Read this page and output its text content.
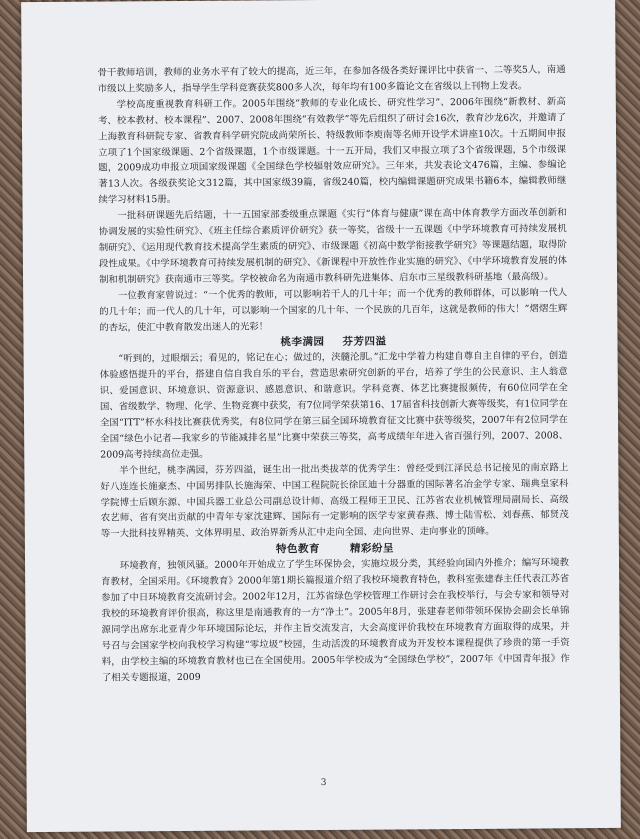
骨干教师培训，教师的业务水平有了较大的提高，近三年，在参加各级各类好课评比中获省一、二等奖5人，南通市级以上奖励多人，指导学生学科竞赛获奖800多人次，每年均有100多篇论文在省级以上刊物上发表。

学校高度重视教育科研工作。2005年围绕“教师的专业化成长、研究性学习”、2006年围绕“新教材、新高考、校本教材、校本课程”、2007、2008年围绕“有效教学”等先后组织了研讨会16次，教育沙龙6次，并邀请了上海教育科研院专家、省教育科学研究院成尚荣所长、特级教师李庾南等名师开设学术讲座10次。十五期间申报立项了1个国家级课题、2个省级课题，1个市级课题。十一五开局，我们又申报立项了3个省级课题，5个市级课题，2009成功申报立项国家级课题《全国绿色学校辐射效应研究》。三年来，共发表论文476篇，主编、参编论著13人次。各级获奖论文312篇，其中国家级39篇，省级240篇，校内编辑课题研究成果书籍6本，编辑教师继续学习材料15册。

一批科研课题先后结题，十一五国家部委级重点课题《实行“体育与健康”课在高中体育教学方面改革创新和协调发展的实验性研究》、《班主任综合素质评价研究》获一等奖，省级十一五课题《中学环境教育可持续发展机制研究》、《运用现代教育技术提高学生素质的研究》、市级课题《初高中数学衔接教学研究》等课题结题，取得阶段性成果。《中学环境教育可持续发展机制的研究》、《新课程中开放性作业实施的研究》、《中学环境教育发展的体制和机制研究》获南通市三等奖。学校被命名为南通市教科研先进集体、启东市三星级教科研基地（最高级）。

一位教育家曾说过：“一个优秀的教师，可以影响若干人的几十年；而一个优秀的教师群体，可以影响一代人的几十年；而一代人的几十年，可以影响一个国家的几十年、一个民族的几百年，这就是教师的伟大！”熠熠生辉的杏坛，使汇中教育散发出迷人的光彩！

桃李满园 芬芳四溢

“听到的，过眼烟云；看见的，铭记在心；做过的，浃髓沦肌。”汇龙中学着力构建自尊自主自律的平台，创造体验感悟提升的平台，搭建自信自我自乐的平台，营造思索研究创新的平台，培养了学生的公民意识、主人翁意识、爱国意识、环境意识、资源意识、感恩意识、和谐意识。学科竞赛、体艺比赛捷报频传，有60位同学在全国、省级数学、物理、化学、生物竞赛中获奖，有7位同学荣获第16、17届省科技创新大赛等级奖，有1位同学在全国“ITT”杯水科技比赛获优秀奖，有8位同学在第三届全国环境教育征文比赛中获等级奖，2007年有2位同学在全国“绿色小记者—我家乡的节能减排名星”比赛中荣获三等奖，高考成绩年年进入省百强行列，2007、2008、2009高考持续高位走强。

半个世纪，桃李满园，芬芳四溢，诞生出一批出类拔萃的优秀学生：曾经受到江泽民总书记接见的南京路上好八连连长施豪杰、中国男排队长施海荣、中国工程院院长徐匡迪十分器重的国际著名冶金学专家、瑞典皇家科学院博士后顾东源、中国兵器工业总公司副总设计师、高级工程师王卫民、江苏省农业机械管理局副局长、高级农艺师、省有突出贡献的中青年专家沈建辉、国际有一定影响的医学专家黄春燕、博士陆雪松、刘春燕、郁贤茂等一大批科技界精英、文体界明星、政治界新秀从汇中走向全国、走向世界、走向事业的顶峰。

特色教育	精彩纷呈

环境教育，独领风骚。2000年开始成立了学生环保协会，实施垃圾分类，其经验向国内外推介；编写环境教育教材，全国采用。《环境教育》2000年第1期长篇报道介绍了我校环境教育特色，教科室张建春主任代表江苏省参加了中日环境教育交流研讨会。2002年12月，江苏省绿色学校管理工作研讨会在我校举行，与会专家和领导对我校的环境教育评价很高，称这里是南通教育的一方“净土”。2005年8月，张建春老师带领环保协会副会长单锦源同学出席东北亚青少年环境国际论坛，并作主旨交流发言，大会高度评价我校在环境教育方面取得的成果，并号召与会国家学校向我校学习构建“零垃圾”校园，生动活泼的环境教育成为开发校本课程提供了珍贵的第一手资料，由学校主编的环境教育教材也已在全国使用。2005年学校成为“全国绿色学校”，2007年《中国青年报》作了相关专题报道，2009

3
